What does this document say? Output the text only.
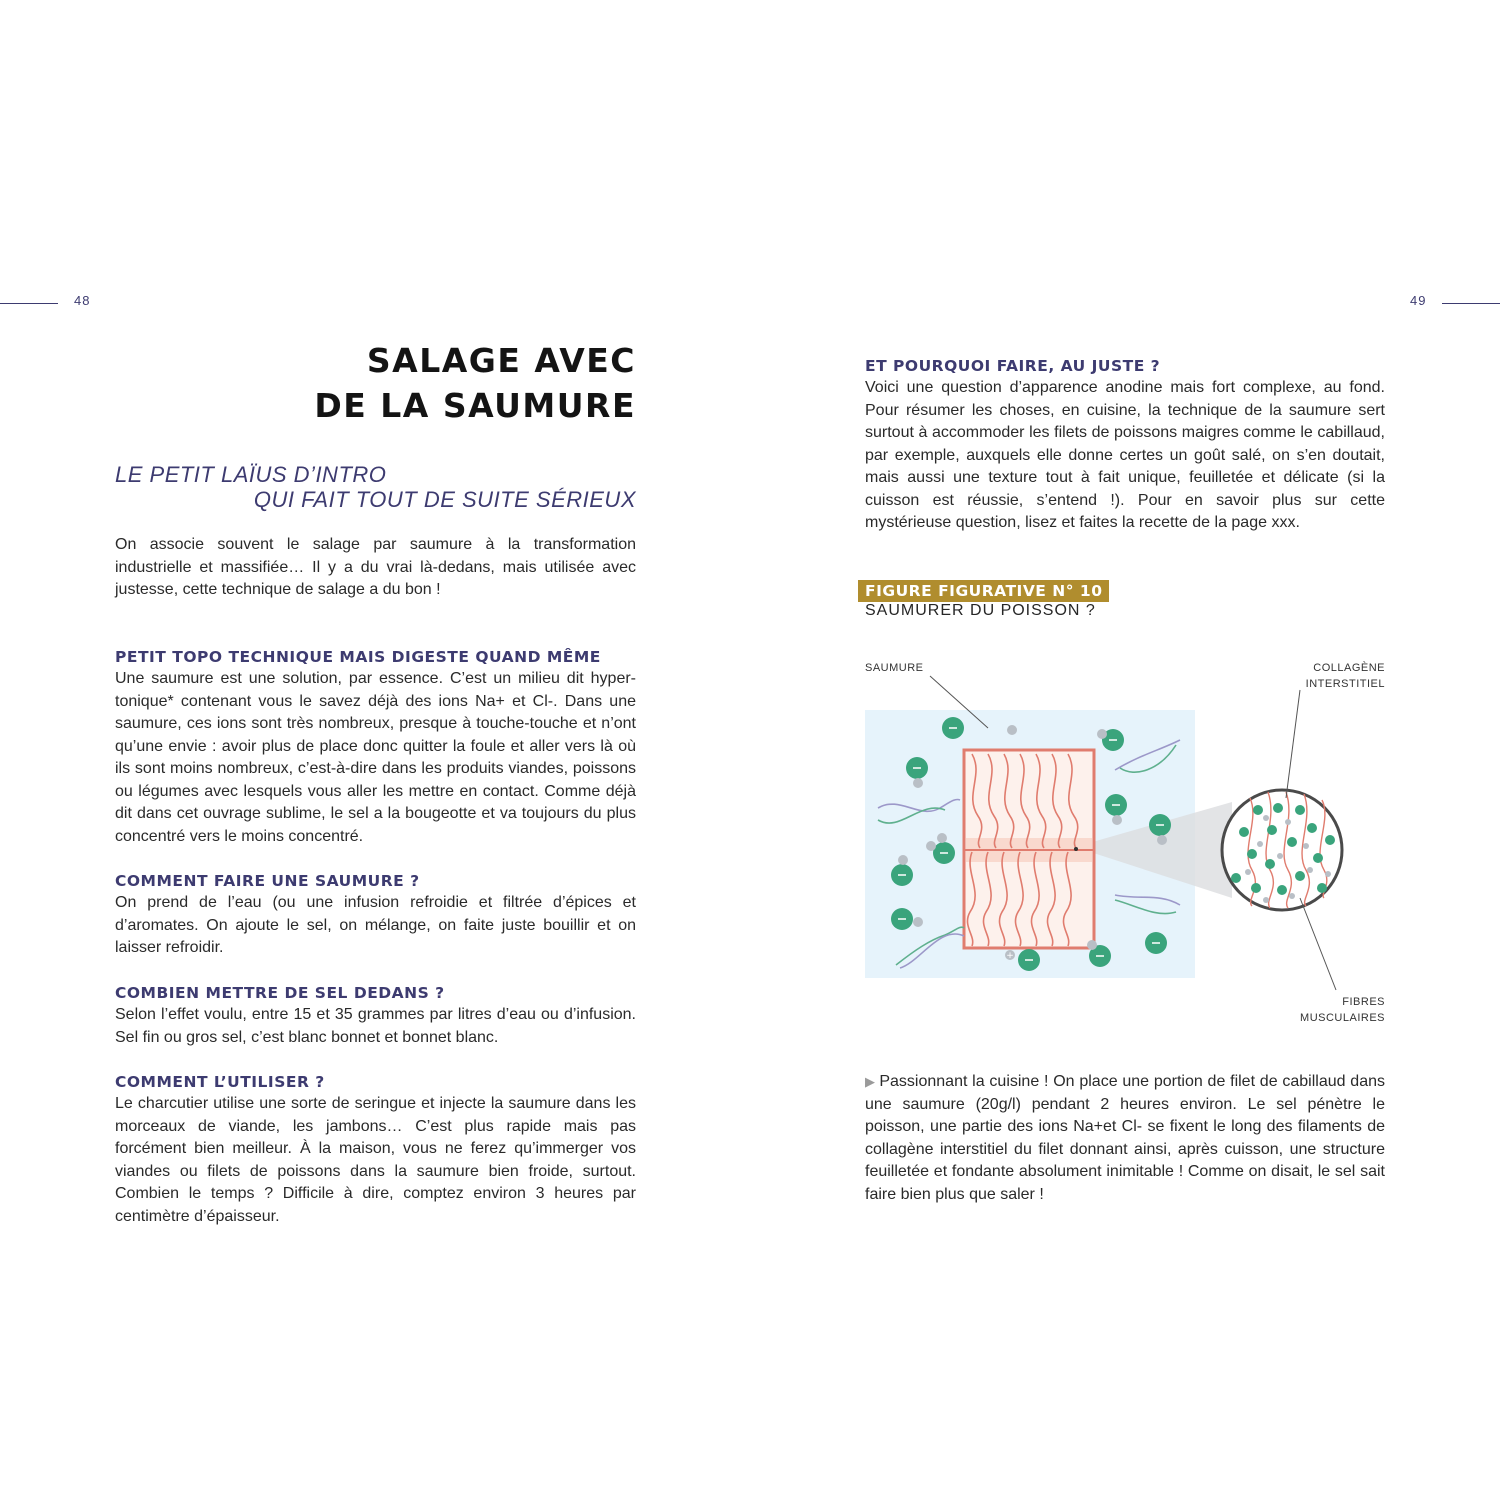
48	49
SALAGE AVEC
DE LA SAUMURE
LE PETIT LAÏUS D’INTRO
QUI FAIT TOUT DE SUITE SÉRIEUX
On associe souvent le salage par saumure à la transformation industrielle et massifiée… Il y a du vrai là-dedans, mais utilisée avec justesse, cette technique de salage a du bon !
PETIT TOPO TECHNIQUE MAIS DIGESTE QUAND MÊME
Une saumure est une solution, par essence. C’est un milieu dit hyper-tonique* contenant vous le savez déjà des ions Na+ et Cl-. Dans une saumure, ces ions sont très nombreux, presque à touche-touche et n’ont qu’une envie : avoir plus de place donc quitter la foule et aller vers là où ils sont moins nombreux, c’est-à-dire dans les produits viandes, poissons ou légumes avec lesquels vous aller les mettre en contact. Comme déjà dit dans cet ouvrage sublime, le sel a la bougeotte et va toujours du plus concentré vers le moins concentré.
COMMENT FAIRE UNE SAUMURE ?
On prend de l’eau (ou une infusion refroidie et filtrée d’épices et d’aromates. On ajoute le sel, on mélange, on faite juste bouillir et on laisser refroidir.
COMBIEN METTRE DE SEL DEDANS ?
Selon l’effet voulu, entre 15 et 35 grammes par litres d’eau ou d’infusion. Sel fin ou gros sel, c’est blanc bonnet et bonnet blanc.
COMMENT L’UTILISER ?
Le charcutier utilise une sorte de seringue et injecte la saumure dans les morceaux de viande, les jambons… C’est plus rapide mais pas forcément bien meilleur. À la maison, vous ne ferez qu’immerger vos viandes ou filets de poissons dans la saumure bien froide, surtout. Combien le temps ? Difficile à dire, comptez environ 3 heures par centimètre d’épaisseur.
ET POURQUOI FAIRE, AU JUSTE ?
Voici une question d’apparence anodine mais fort complexe, au fond. Pour résumer les choses, en cuisine, la technique de la saumure sert surtout à accommoder les filets de poissons maigres comme le cabillaud, par exemple, auxquels elle donne certes un goût salé, on s’en doutait, mais aussi une texture tout à fait unique, feuilletée et délicate (si la cuisson est réussie, s’entend !). Pour en savoir plus sur cette mystérieuse question, lisez et faites la recette de la page xxx.
FIGURE FIGURATIVE N° 10
SAUMURER DU POISSON ?
+
SAUMURE	COLLAGÈNE
INTERSTITIEL
FIBRES
MUSCULAIRES
–
▶ Passionnant la cuisine ! On place une portion de filet de cabillaud dans une saumure (20g/l) pendant 2 heures environ. Le sel pénètre le poisson, une partie des ions Na+et Cl- se fixent le long des filaments de collagène interstitiel du filet donnant ainsi, après cuisson, une structure feuilletée et fondante absolument inimitable ! Comme on disait, le sel sait faire bien plus que saler !
